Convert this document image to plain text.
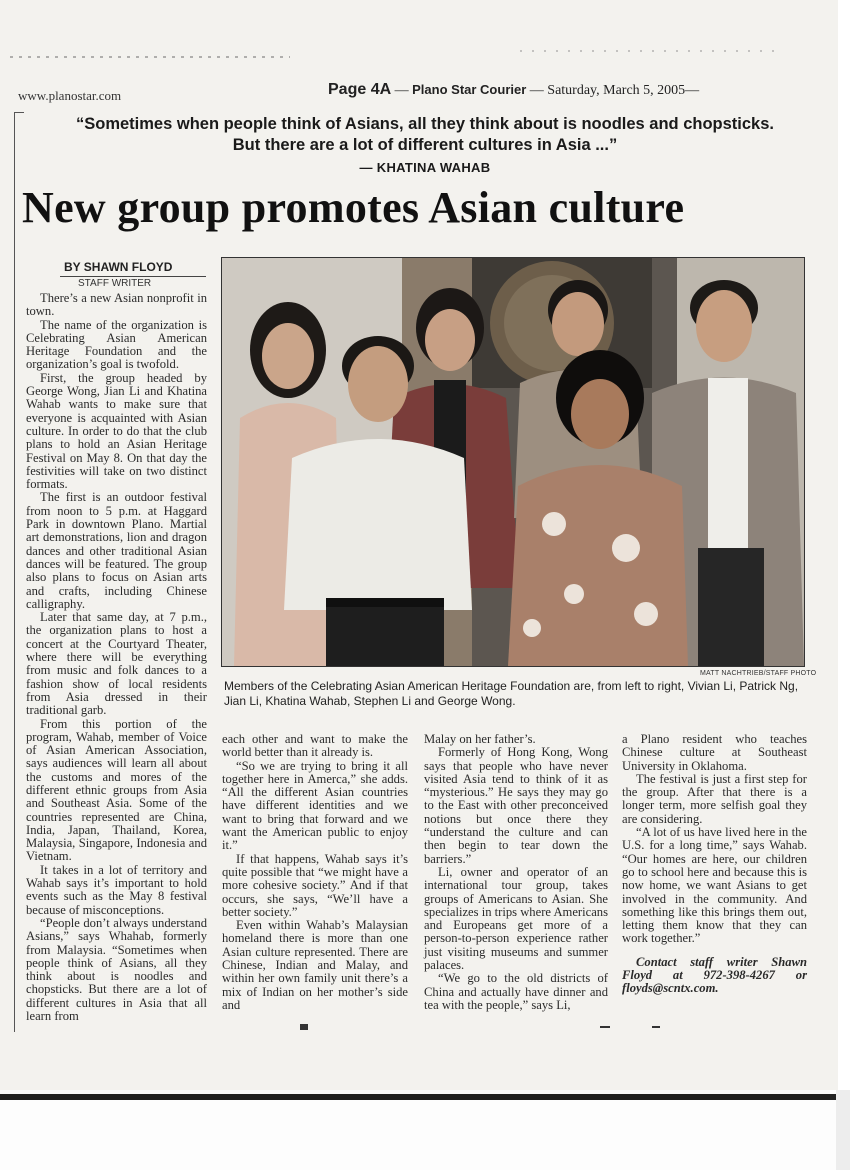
www.planostar.com	Page 4A — Plano Star Courier — Saturday, March 5, 2005—
“Sometimes when people think of Asians, all they think about is noodles and chopsticks.
But there are a lot of different cultures in Asia ...”
— KHATINA WAHAB
New group promotes Asian culture
BY SHAWN FLOYD
STAFF WRITER
MATT NACHTRIEB/STAFF PHOTO
Members of the Celebrating Asian American Heritage Foundation are, from left to right, Vivian Li, Patrick Ng, Jian Li, Khatina Wahab, Stephen Li and George Wong.

There’s a new Asian nonprofit in town.

The name of the organization is Celebrating Asian American Heritage Foundation and the organization’s goal is twofold.

First, the group headed by George Wong, Jian Li and Khatina Wahab wants to make sure that everyone is acquainted with Asian culture. In order to do that the club plans to hold an Asian Heritage Festival on May 8. On that day the festivities will take on two distinct formats.

The first is an outdoor festival from noon to 5 p.m. at Haggard Park in downtown Plano. Martial art demonstrations, lion and dragon dances and other traditional Asian dances will be featured. The group also plans to focus on Asian arts and crafts, including Chinese calligraphy.

Later that same day, at 7 p.m., the organization plans to host a concert at the Courtyard Theater, where there will be everything from music and folk dances to a fashion show of local residents from Asia dressed in their traditional garb.

From this portion of the program, Wahab, member of Voice of Asian American Association, says audiences will learn all about the customs and mores of the different ethnic groups from Asia and Southeast Asia. Some of the countries represented are China, India, Japan, Thailand, Korea, Malaysia, Singapore, Indonesia and Vietnam.

It takes in a lot of territory and Wahab says it’s important to hold events such as the May 8 festival because of misconceptions.

“People don’t always understand Asians,” says Whahab, formerly from Malaysia. “Sometimes when people think of Asians, all they think about is noodles and chopsticks. But there are a lot of different cultures in Asia that all learn from

each other and want to make the world better than it already is.

“So we are trying to bring it all together here in Amerca,” she adds. “All the different Asian countries have different identities and we want to bring that forward and we want the American public to enjoy it.”

If that happens, Wahab says it’s quite possible that “we might have a more cohesive society.” And if that occurs, she says, “We’ll have a better society.”

Even within Wahab’s Malaysian homeland there is more than one Asian culture represented. There are Chinese, Indian and Malay, and within her own family unit there’s a mix of Indian on her mother’s side and

Malay on her father’s.

Formerly of Hong Kong, Wong says that people who have never visited Asia tend to think of it as “mysterious.” He says they may go to the East with other preconceived notions but once there they “understand the culture and can then begin to tear down the barriers.”

Li, owner and operator of an international tour group, takes groups of Americans to Asian. She specializes in trips where Americans and Europeans get more of a person-to-person experience rather just visiting museums and summer palaces.

“We go to the old districts of China and actually have dinner and tea with the people,” says Li,

a Plano resident who teaches Chinese culture at Southeast University in Oklahoma.

The festival is just a first step for the group. After that there is a longer term, more selfish goal they are considering.

“A lot of us have lived here in the U.S. for a long time,” says Wahab. “Our homes are here, our children go to school here and because this is now home, we want Asians to get involved in the community. And something like this brings them out, letting them know that they can work together.”

Contact staff writer Shawn Floyd at 972-398-4267 or floyds@scntx.com.
